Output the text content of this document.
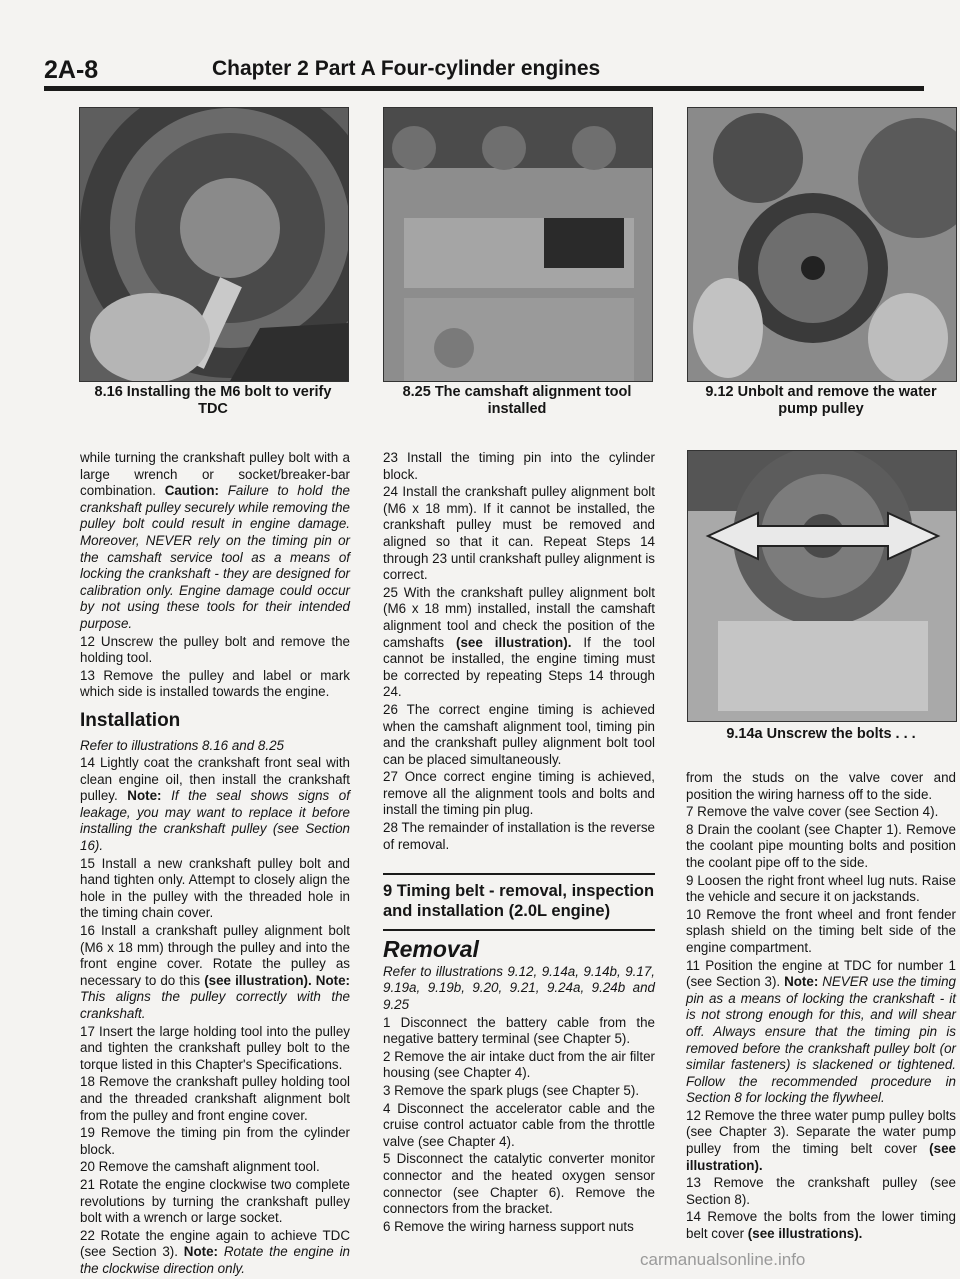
2A-8	Chapter 2 Part A Four-cylinder engines
8.16 Installing the M6 bolt to verify TDC
8.25 The camshaft alignment tool installed
9.12 Unbolt and remove the water pump pulley
9.14a Unscrew the bolts . . .

while turning the crankshaft pulley bolt with a large wrench or socket/breaker-bar combination. Caution: Failure to hold the crankshaft pulley securely while removing the pulley bolt could result in engine damage. Moreover, NEVER rely on the timing pin or the camshaft service tool as a means of locking the crankshaft - they are designed for calibration only. Engine damage could occur by not using these tools for their intended purpose.

12 Unscrew the pulley bolt and remove the holding tool.

13 Remove the pulley and label or mark which side is installed towards the engine.

Installation

Refer to illustrations 8.16 and 8.25

14 Lightly coat the crankshaft front seal with clean engine oil, then install the crankshaft pulley. Note: If the seal shows signs of leakage, you may want to replace it before installing the crankshaft pulley (see Section 16).

15 Install a new crankshaft pulley bolt and hand tighten only. Attempt to closely align the hole in the pulley with the threaded hole in the timing chain cover.

16 Install a crankshaft pulley alignment bolt (M6 x 18 mm) through the pulley and into the front engine cover. Rotate the pulley as necessary to do this (see illustration). Note: This aligns the pulley correctly with the crankshaft.

17 Insert the large holding tool into the pulley and tighten the crankshaft pulley bolt to the torque listed in this Chapter's Specifications.

18 Remove the crankshaft pulley holding tool and the threaded crankshaft alignment bolt from the pulley and front engine cover.

19 Remove the timing pin from the cylinder block.

20 Remove the camshaft alignment tool.

21 Rotate the engine clockwise two complete revolutions by turning the crankshaft pulley bolt with a wrench or large socket.

22 Rotate the engine again to achieve TDC (see Section 3). Note: Rotate the engine in the clockwise direction only.

23 Install the timing pin into the cylinder block.

24 Install the crankshaft pulley alignment bolt (M6 x 18 mm). If it cannot be installed, the crankshaft pulley must be removed and aligned so that it can. Repeat Steps 14 through 23 until crankshaft pulley alignment is correct.

25 With the crankshaft pulley alignment bolt (M6 x 18 mm) installed, install the camshaft alignment tool and check the position of the camshafts (see illustration). If the tool cannot be installed, the engine timing must be corrected by repeating Steps 14 through 24.

26 The correct engine timing is achieved when the camshaft alignment tool, timing pin and the crankshaft pulley alignment bolt tool can be placed simultaneously.

27 Once correct engine timing is achieved, remove all the alignment tools and bolts and install the timing pin plug.

28 The remainder of installation is the reverse of removal.

9 Timing belt - removal, inspection and installation (2.0L engine)
Removal

Refer to illustrations 9.12, 9.14a, 9.14b, 9.17, 9.19a, 9.19b, 9.20, 9.21, 9.24a, 9.24b and 9.25

1 Disconnect the battery cable from the negative battery terminal (see Chapter 5).

2 Remove the air intake duct from the air filter housing (see Chapter 4).

3 Remove the spark plugs (see Chapter 5).

4 Disconnect the accelerator cable and the cruise control actuator cable from the throttle valve (see Chapter 4).

5 Disconnect the catalytic converter monitor connector and the heated oxygen sensor connector (see Chapter 6). Remove the connectors from the bracket.

6 Remove the wiring harness support nuts

from the studs on the valve cover and position the wiring harness off to the side.

7 Remove the valve cover (see Section 4).

8 Drain the coolant (see Chapter 1). Remove the coolant pipe mounting bolts and position the coolant pipe off to the side.

9 Loosen the right front wheel lug nuts. Raise the vehicle and secure it on jackstands.

10 Remove the front wheel and front fender splash shield on the timing belt side of the engine compartment.

11 Position the engine at TDC for number 1 (see Section 3). Note: NEVER use the timing pin as a means of locking the crankshaft - it is not strong enough for this, and will shear off. Always ensure that the timing pin is removed before the crankshaft pulley bolt (or similar fasteners) is slackened or tightened. Follow the recommended procedure in Section 8 for locking the flywheel.

12 Remove the three water pump pulley bolts (see Chapter 3). Separate the water pump pulley from the timing belt cover (see illustration).

13 Remove the crankshaft pulley (see Section 8).

14 Remove the bolts from the lower timing belt cover (see illustrations).

carmanualsonline.info
